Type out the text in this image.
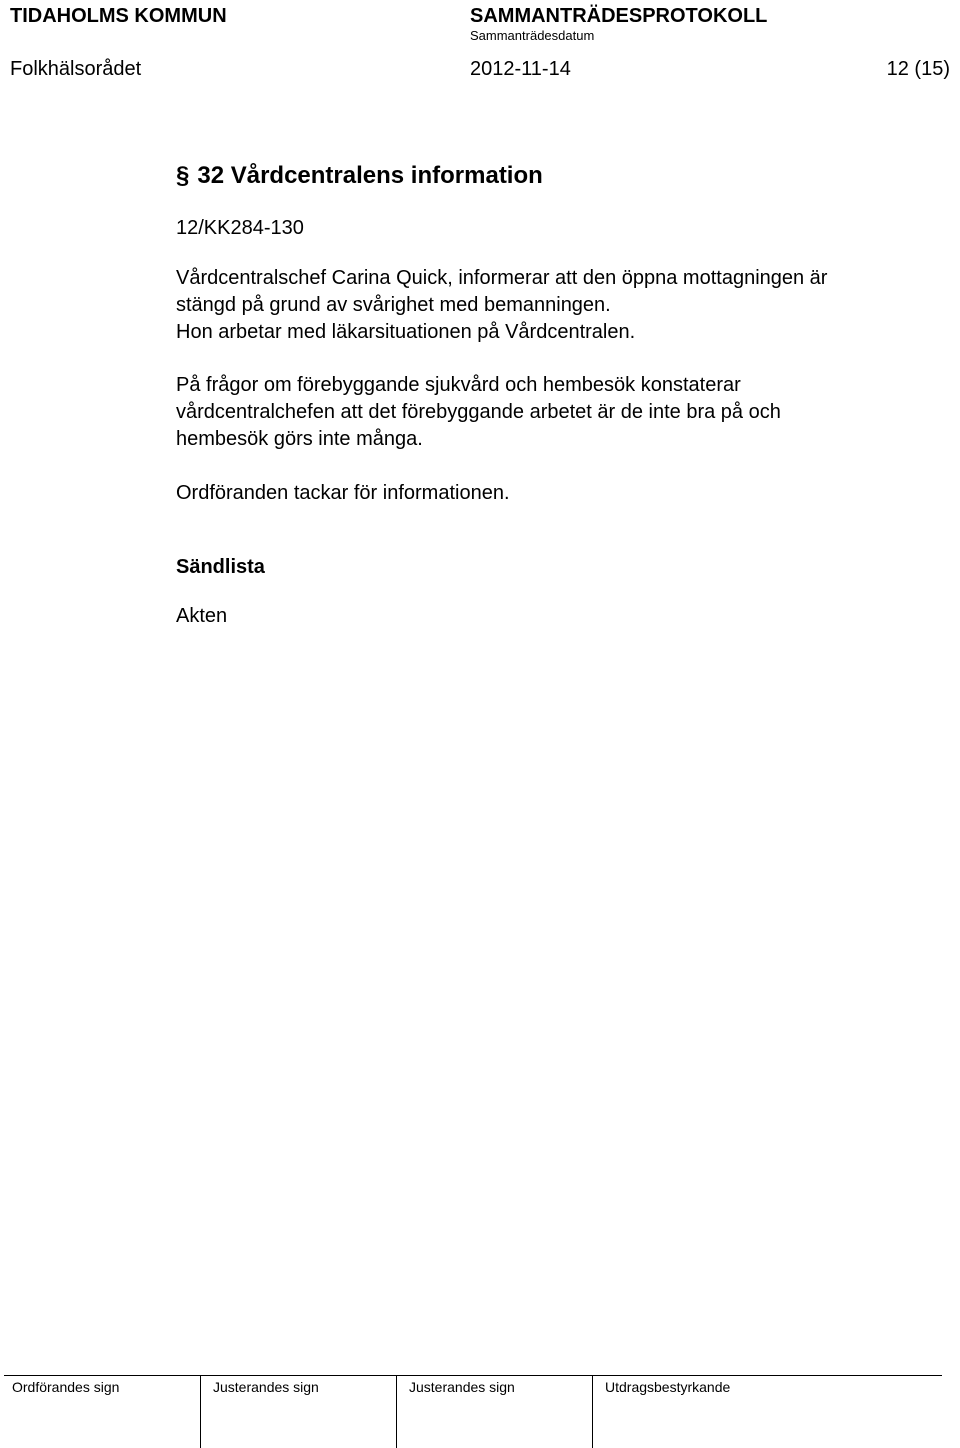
TIDAHOLMS KOMMUN	SAMMANTRÄDESPROTOKOLL
Sammanträdesdatum
Folkhälsorådet	2012-11-14	12 (15)
§ 32 Vårdcentralens information
12/KK284-130

Vårdcentralschef Carina Quick, informerar att den öppna mottagningen är
stängd på grund av svårighet med bemanningen.
Hon arbetar med läkarsituationen på Vårdcentralen.

På frågor om förebyggande sjukvård och hembesök konstaterar
vårdcentralchefen att det förebyggande arbetet är de inte bra på och
hembesök görs inte många.

Ordföranden tackar för informationen.

Sändlista
Akten
Ordförandes sign	Justerandes sign	Justerandes sign	Utdragsbestyrkande
